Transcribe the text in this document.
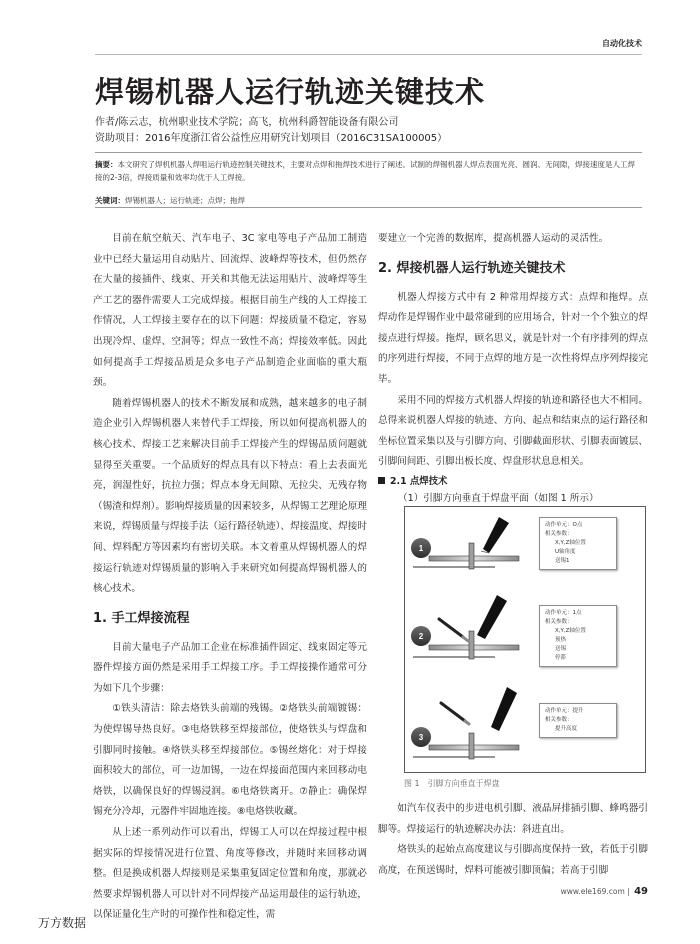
自动化技术
焊锡机器人运行轨迹关键技术
作者/陈云志，杭州职业技术学院；高飞，杭州科爵智能设备有限公司
资助项目：2016年度浙江省公益性应用研究计划项目（2016C31SA100005）
摘要：本文研究了焊机机器人焊咀运行轨迹控制关键技术，主要对点焊和拖焊技术进行了阐述。试制的焊锡机器人焊点表面光亮、圆润、无间隙，焊接速度是人工焊接的2-3倍，焊接质量和效率均优于人工焊接。
关键词：焊锡机器人；运行轨迹；点焊；拖焊

目前在航空航天、汽车电子、3C 家电等电子产品加工制造业中已经大量运用自动贴片、回流焊、波峰焊等技术，但仍然存在大量的接插件、线束、开关和其他无法运用贴片、波峰焊等生产工艺的器件需要人工完成焊接。根据目前生产线的人工焊接工作情况，人工焊接主要存在的以下问题：焊接质量不稳定，容易出现冷焊、虚焊、空洞等；焊点一致性不高；焊接效率低。因此如何提高手工焊接品质是众多电子产品制造企业面临的重大瓶颈。

随着焊锡机器人的技术不断发展和成熟，越来越多的电子制造企业引入焊锡机器人来替代手工焊接，所以如何提高机器人的核心技术、焊接工艺来解决目前手工焊接产生的焊锡品质问题就显得至关重要。一个品质好的焊点具有以下特点：看上去表面光亮，润湿性好，抗拉力强；焊点本身无间隙、无拉尖、无残存物（锡渣和焊剂）。影响焊接质量的因素较多，从焊锡工艺理论原理来说，焊锡质量与焊接手法（运行路径轨迹）、焊接温度、焊接时间、焊料配方等因素均有密切关联。本文着重从焊锡机器人的焊接运行轨迹对焊锡质量的影响入手来研究如何提高焊锡机器人的核心技术。

1. 手工焊接流程

目前大量电子产品加工企业在标准插件固定、线束固定等元器件焊接方面仍然是采用手工焊接工序。手工焊接操作通常可分为如下几个步骤：

①铁头清洁：除去烙铁头前端的残锡。②烙铁头前端镀锡：为使焊锡导热良好。③电烙铁移至焊接部位，使烙铁头与焊盘和引脚同时接触。④烙铁头移至焊接部位。⑤锡丝熔化：对于焊接面积较大的部位，可一边加锡，一边在焊接面范围内来回移动电烙铁，以确保良好的焊锡浸润。⑥电烙铁离开。⑦静止：确保焊锡充分冷却，元器件牢固地连接。⑧电烙铁收藏。

从上述一系列动作可以看出，焊锡工人可以在焊接过程中根据实际的焊接情况进行位置、角度等修改，并随时来回移动调整。但是换成机器人焊接则是采集重复固定位置和角度，那就必然要求焊锡机器人可以针对不同焊接产品运用最佳的运行轨迹，以保证量化生产时的可操作性和稳定性，需

要建立一个完善的数据库，提高机器人运动的灵活性。

2. 焊接机器人运行轨迹关键技术

机器人焊接方式中有 2 种常用焊接方式：点焊和拖焊。点焊动作是焊锡作业中最常碰到的应用场合，针对一个个独立的焊接点进行焊接。拖焊，顾名思义，就是针对一个有序排列的焊点的序列进行焊接，不同于点焊的地方是一次性将焊点序列焊接完毕。

采用不同的焊接方式机器人焊接的轨迹和路径也大不相同。总得来说机器人焊接的轨迹、方向、起点和结束点的运行路径和坐标位置采集以及与引脚方向、引脚截面形状、引脚表面镀层、引脚间间距、引脚出板长度、焊盘形状息息相关。

2.1 点焊技术
（1）引脚方向垂直于焊盘平面（如图 1 所示）
1
2
3
动作单元：O点
相关参数：
X,Y,Z轴位置
U轴角度
送锡1
动作单元：1点
相关参数：
X,Y,Z轴位置
预热
送锡
停滞
动作单元：提升
相关参数：
提升高度
图 1　引脚方向垂直于焊盘

如汽车仪表中的步进电机引脚、液晶屏排插引脚、蜂鸣器引脚等。焊接运行的轨迹解决办法：斜进直出。

烙铁头的起始点高度建议与引脚高度保持一致，若低于引脚高度，在预送锡时，焊料可能被引脚顶偏；若高于引脚

www.ele169.com | 49
万方数据
